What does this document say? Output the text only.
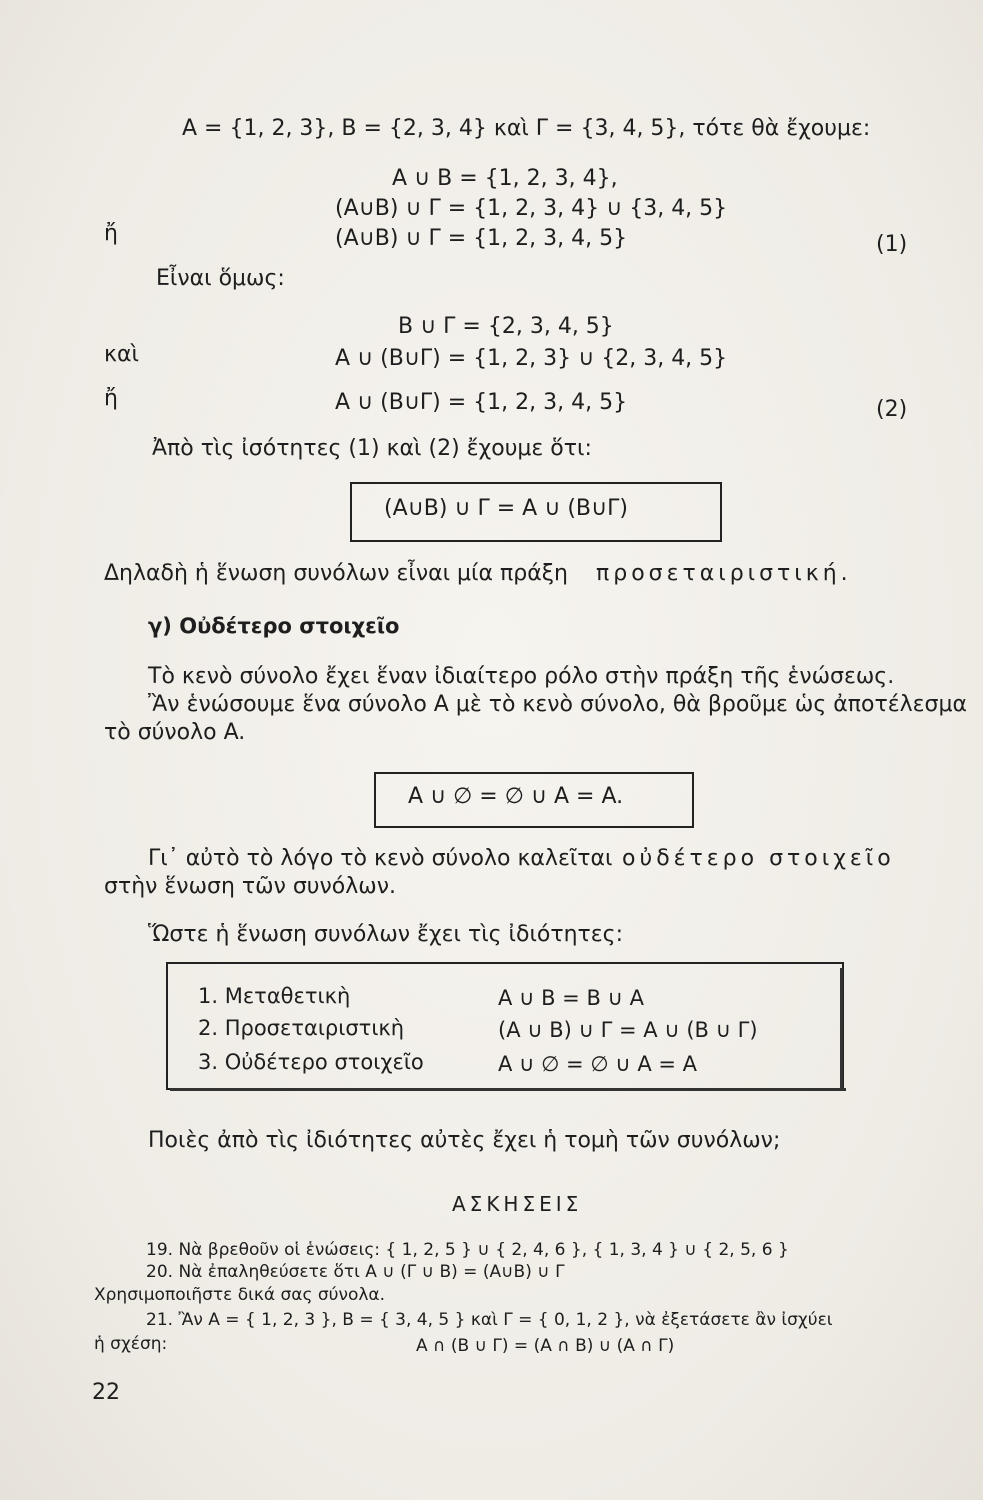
A = {1, 2, 3}, B = {2, 3, 4} καὶ Γ = {3, 4, 5}, τότε θὰ ἔχουμε:
A ∪ B = {1, 2, 3, 4},
(A∪B) ∪ Γ = {1, 2, 3, 4} ∪ {3, 4, 5}
ἤ	(A∪B) ∪ Γ = {1, 2, 3, 4, 5}	(1)
Εἶναι ὅμως:
B ∪ Γ = {2, 3, 4, 5}
καὶ	A ∪ (B∪Γ) = {1, 2, 3} ∪ {2, 3, 4, 5}
ἤ	A ∪ (B∪Γ) = {1, 2, 3, 4, 5}	(2)
Ἀπὸ τὶς ἰσότητες (1) καὶ (2) ἔχουμε ὅτι:
(A∪B) ∪ Γ = A ∪ (B∪Γ)
Δηλαδὴ ἡ ἕνωση συνόλων εἶναι μία πράξη προσεταιριστική.
γ) Οὐδέτερο στοιχεῖο
Τὸ κενὸ σύνολο ἔχει ἕναν ἰδιαίτερο ρόλο στὴν πράξη τῆς ἑνώσεως.
Ἂν ἑνώσουμε ἕνα σύνολο A μὲ τὸ κενὸ σύνολο, θὰ βροῦμε ὡς ἀποτέλεσμα
τὸ σύνολο A.
A ∪ ∅ = ∅ ∪ A = A.
Γι᾿ αὐτὸ τὸ λόγο τὸ κενὸ σύνολο καλεῖται οὐδέτερο στοιχεῖο
στὴν ἕνωση τῶν συνόλων.
Ὥστε ἡ ἕνωση συνόλων ἔχει τὶς ἰδιότητες:
1. Μεταθετικὴ	A ∪ B = B ∪ A
2. Προσεταιριστικὴ	(A ∪ B) ∪ Γ = A ∪ (B ∪ Γ)
3. Οὐδέτερο στοιχεῖο	A ∪ ∅ = ∅ ∪ A = A
Ποιὲς ἀπὸ τὶς ἰδιότητες αὐτὲς ἔχει ἡ τομὴ τῶν συνόλων;
ΑΣΚΗΣΕΙΣ
19. Νὰ βρεθοῦν οἱ ἑνώσεις: { 1, 2, 5 } ∪ { 2, 4, 6 }, { 1, 3, 4 } ∪ { 2, 5, 6 }
20. Νὰ ἐπαληθεύσετε ὅτι A ∪ (Γ ∪ B) = (A∪B) ∪ Γ
Χρησιμοποιῆστε δικά σας σύνολα.
21. Ἂν A = { 1, 2, 3 }, B = { 3, 4, 5 } καὶ Γ = { 0, 1, 2 }, νὰ ἐξετάσετε ἂν ἰσχύει
ἡ σχέση:	A ∩ (B ∪ Γ) = (A ∩ B) ∪ (A ∩ Γ)
22
